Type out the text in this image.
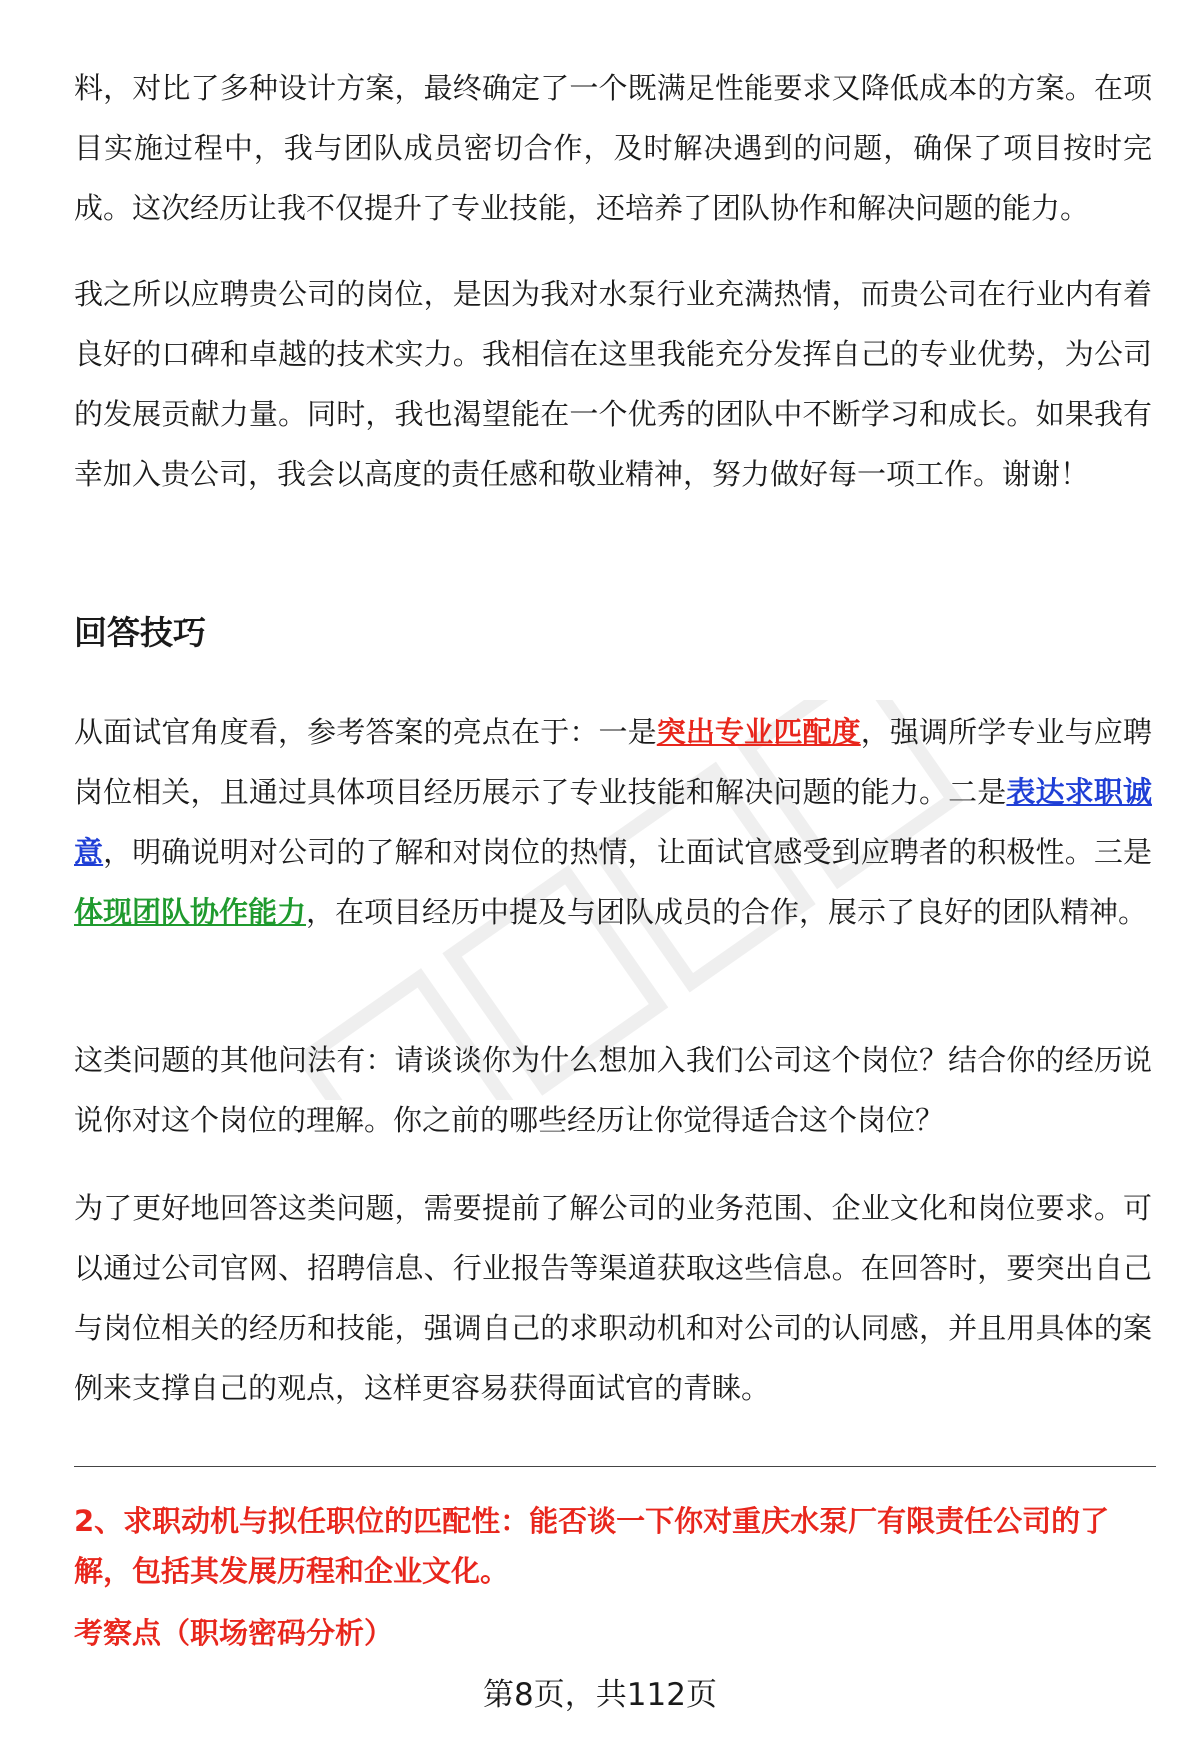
料，对比了多种设计方案，最终确定了一个既满足性能要求又降低成本的方案。在项目实施过程中，我与团队成员密切合作，及时解决遇到的问题，确保了项目按时完成。这次经历让我不仅提升了专业技能，还培养了团队协作和解决问题的能力。

我之所以应聘贵公司的岗位，是因为我对水泵行业充满热情，而贵公司在行业内有着良好的口碑和卓越的技术实力。我相信在这里我能充分发挥自己的专业优势，为公司的发展贡献力量。同时，我也渴望能在一个优秀的团队中不断学习和成长。如果我有幸加入贵公司，我会以高度的责任感和敬业精神，努力做好每一项工作。谢谢！

回答技巧

从面试官角度看，参考答案的亮点在于：一是突出专业匹配度，强调所学专业与应聘岗位相关，且通过具体项目经历展示了专业技能和解决问题的能力。二是表达求职诚意，明确说明对公司的了解和对岗位的热情，让面试官感受到应聘者的积极性。三是体现团队协作能力，在项目经历中提及与团队成员的合作，展示了良好的团队精神。

这类问题的其他问法有：请谈谈你为什么想加入我们公司这个岗位？结合你的经历说说你对这个岗位的理解。你之前的哪些经历让你觉得适合这个岗位？

为了更好地回答这类问题，需要提前了解公司的业务范围、企业文化和岗位要求。可以通过公司官网、招聘信息、行业报告等渠道获取这些信息。在回答时，要突出自己与岗位相关的经历和技能，强调自己的求职动机和对公司的认同感，并且用具体的案例来支撑自己的观点，这样更容易获得面试官的青睐。

2、求职动机与拟任职位的匹配性：能否谈一下你对重庆水泵厂有限责任公司的了解，包括其发展历程和企业文化。

考察点（职场密码分析）

第8页，共112页
